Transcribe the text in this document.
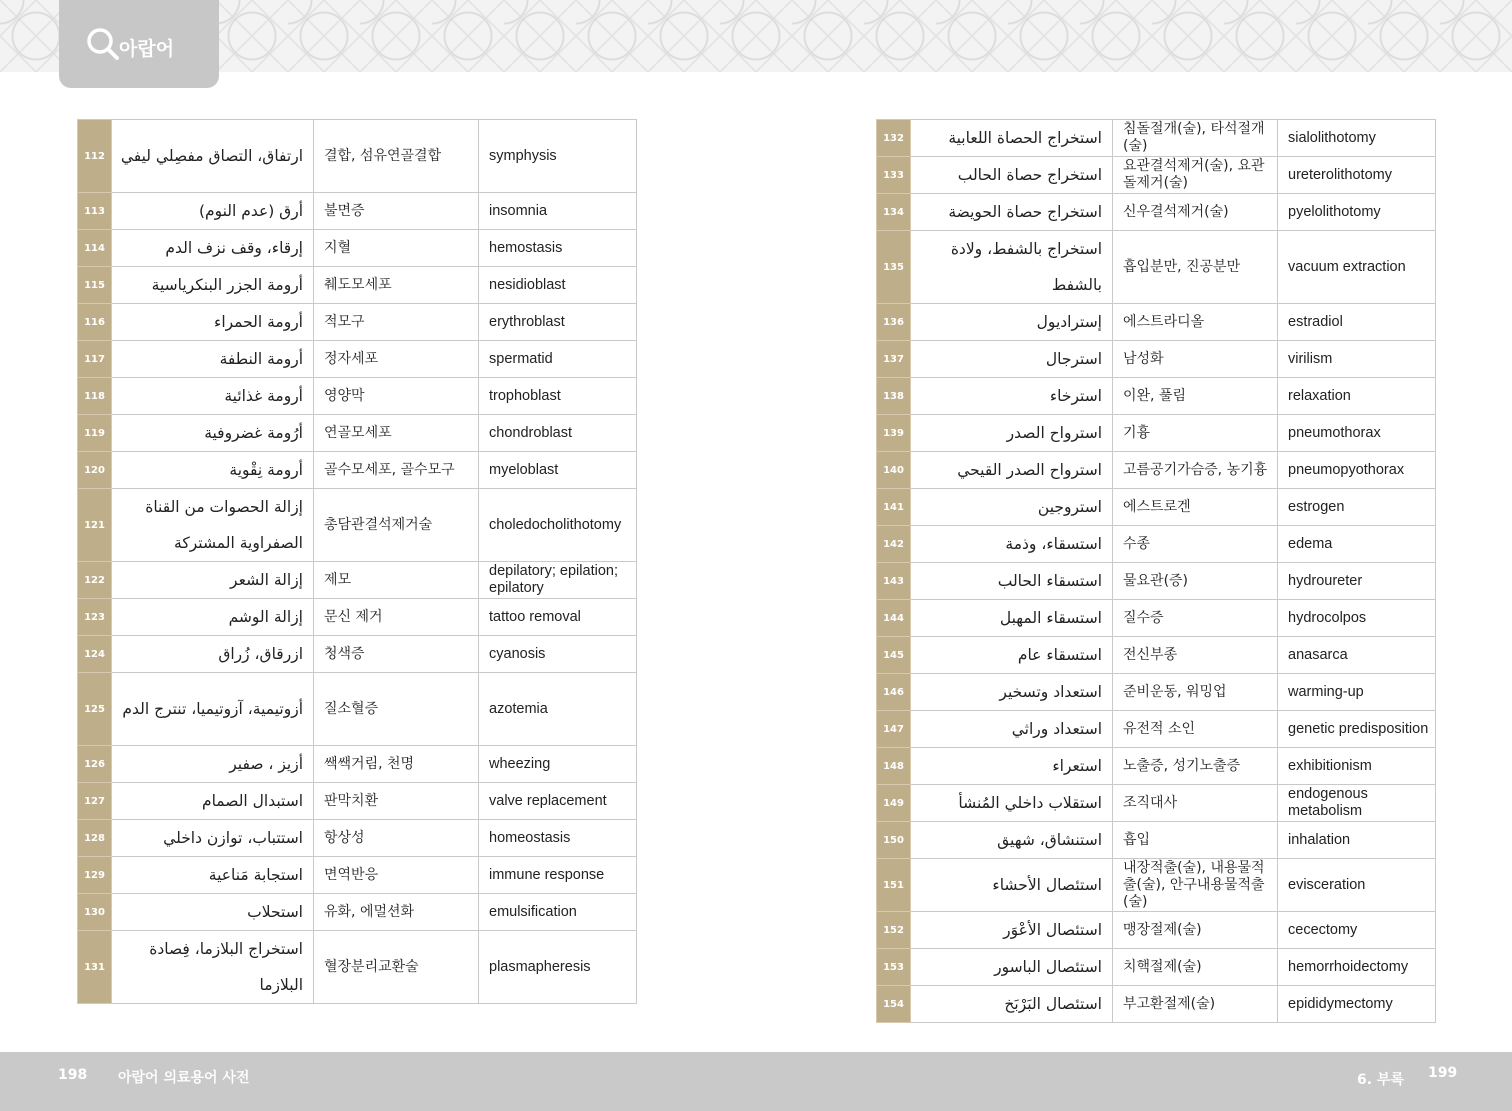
아랍어
112	ارتفاق، التصاق مفصِلي ليفي	결합, 섬유연골결합	symphysis
113	أرق (عدم النوم)	불면증	insomnia
114	إرقاء، وقف نزف الدم	지혈	hemostasis
115	أرومة الجزر البنكرياسية	췌도모세포	nesidioblast
116	أرومة الحمراء	적모구	erythroblast
117	أرومة النطفة	정자세포	spermatid
118	أرومة غذائية	영양막	trophoblast
119	أرُومة غضروفية	연골모세포	chondroblast
120	أرومة نِقْوية	골수모세포, 골수모구	myeloblast
121	إزالة الحصوات من القناة الصفراوية المشتركة	총담관결석제거술	choledocholithotomy
122	إزالة الشعر	제모	depilatory; epilation; epilatory
123	إزالة الوشم	문신 제거	tattoo removal
124	ازرقاق، زُراق	청색증	cyanosis
125	أزوتيمية، آزوتيميا، تنترج الدم	질소혈증	azotemia
126	أزيز ، صفير	쌕쌕거림, 천명	wheezing
127	استبدال الصمام	판막치환	valve replacement
128	استتباب، توازن داخلي	항상성	homeostasis
129	استجابة مَناعية	면역반응	immune response
130	استحلاب	유화, 에멀션화	emulsification
131	استخراج البلازما، فِصادة البلازما	혈장분리교환술	plasmapheresis
132	استخراج الحصاة اللعابية	침돌절개(술), 타석절개(술)	sialolithotomy
133	استخراج حصاة الحالب	요관결석제거(술), 요관돌제거(술)	ureterolithotomy
134	استخراج حصاة الحويضة	신우결석제거(술)	pyelolithotomy
135	استخراج بالشفط، ولادة بالشفط	흡입분만, 진공분만	vacuum extraction
136	إستراديول	에스트라디올	estradiol
137	استرجال	남성화	virilism
138	استرخاء	이완, 풀림	relaxation
139	استرواح الصدر	기흉	pneumothorax
140	استرواح الصدر القيحي	고름공기가슴증, 농기흉	pneumopyothorax
141	استروجين	에스트로겐	estrogen
142	استسقاء، وذمة	수종	edema
143	استسقاء الحالب	물요관(증)	hydroureter
144	استسقاء المهبل	질수증	hydrocolpos
145	استسقاء عام	전신부종	anasarca
146	استعداد وتسخير	준비운동, 워밍업	warming-up
147	استعداد وراثي	유전적 소인	genetic predisposition
148	استعراء	노출증, 성기노출증	exhibitionism
149	استقلاب داخلي المُنشأ	조직대사	endogenous metabolism
150	استنشاق، شهيق	흡입	inhalation
151	استئصال الأحشاء	내장적출(술), 내용물적출(술), 안구내용물적출(술)	evisceration
152	استئصال الأعْوَر	맹장절제(술)	cecectomy
153	استئصال الباسور	치핵절제(술)	hemorrhoidectomy
154	استئصال البَرْبَخ	부고환절제(술)	epididymectomy
198 아랍어 의료용어 사전	6. 부록 199
